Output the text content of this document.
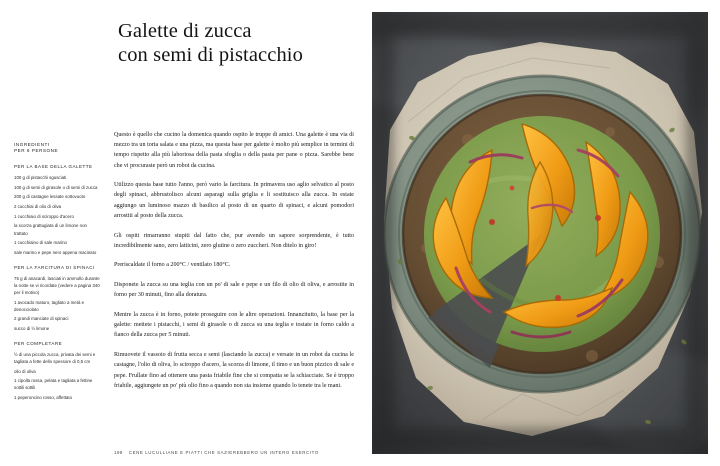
Galette di zucca
con semi di pistacchio
INGREDIENTI
PER 6 PERSONE
PER LA BASE DELLA GALETTE
100 g di pistacchi sgusciati
100 g di semi di girasole o di semi di zucca
200 g di castagne lessate sottovuoto
2 cucchiai di olio di oliva
1 cucchiaio di sciroppo d'acero
la scorza grattugiata di un limone non trattato
1 cucchiaino di sale marino
sale marino e pepe nero appena macinato
PER LA FARCITURA DI SPINACI
75 g di anacardi, lasciati in ammollo durante la notte se vi ricordate (vedere a pagina 340 per il motivo)
1 avocado maturo, tagliato a metà e denocciolato
2 grandi manciate di spinaci
succo di ½ limone
PER COMPLETARE
½ di una piccola zucca, privata dei semi e tagliata a fette dello spessore di 0,5 cm
olio di oliva
1 cipolla rossa, pelata e tagliata a fettine sottili sottili
1 peperoncino rosso, affettato

Questo è quello che cucino la domenica quando ospito le truppe di amici. Una galette è una via di mezzo tra un torta salata e una pizza, ma questa base per galette è molto più semplice in termini di tempo rispetto alla più laboriosa della pasta sfoglia o della pasta per pane o pizza. Sarebbe bene che vi procuraste però un robot da cucina.

Utilizzo questa base tutto l'anno, però vario la farcitura. In primavera uso aglio selvatico al posto degli spinaci, abbrustolisco alcuni asparagi sulla griglia e li sostituisco alla zucca. In estate aggiungo un luminoso mazzo di basilico al posto di un quarto di spinaci, e alcuni pomodori arrostiti al posto della zucca.

Gli ospiti rimarranno stupiti dal fatto che, pur avendo un sapore sorprendente, è tutto incredibilmente sano, zero latticini, zero glutine o zero zuccheri. Non ditelo in giro!

Preriscaldate il forno a 200°C / ventilato 180°C.

Disponete la zucca su una teglia con un po' di sale e pepe e un filo di olio di oliva, e arrostite in forno per 30 minuti, fino alla doratura.

Mentre la zucca è in forno, potete proseguire con le altre operazioni. Innanzitutto, la base per la galette: mettete i pistacchi, i semi di girasole o di zucca su una teglia e tostate in forno caldo a fianco della zucca per 5 minuti.

Rimuovete il vassoio di frutta secca e semi (lasciando la zucca) e versate in un robot da cucina le castagne, l'olio di oliva, lo sciroppo d'acero, la scorza di limone, il timo e un buon pizzico di sale e pepe. Frullate fino ad ottenere una pasta friabile fine che si compatta se la schiacciate. Se è troppo friabile, aggiungete un po' più olio fino a quando non sta insieme quando lo tenete tra le mani.

198 CENE LUCULLIANE E PIATTI CHE SAZIEREBBERO UN INTERO ESERCITO
